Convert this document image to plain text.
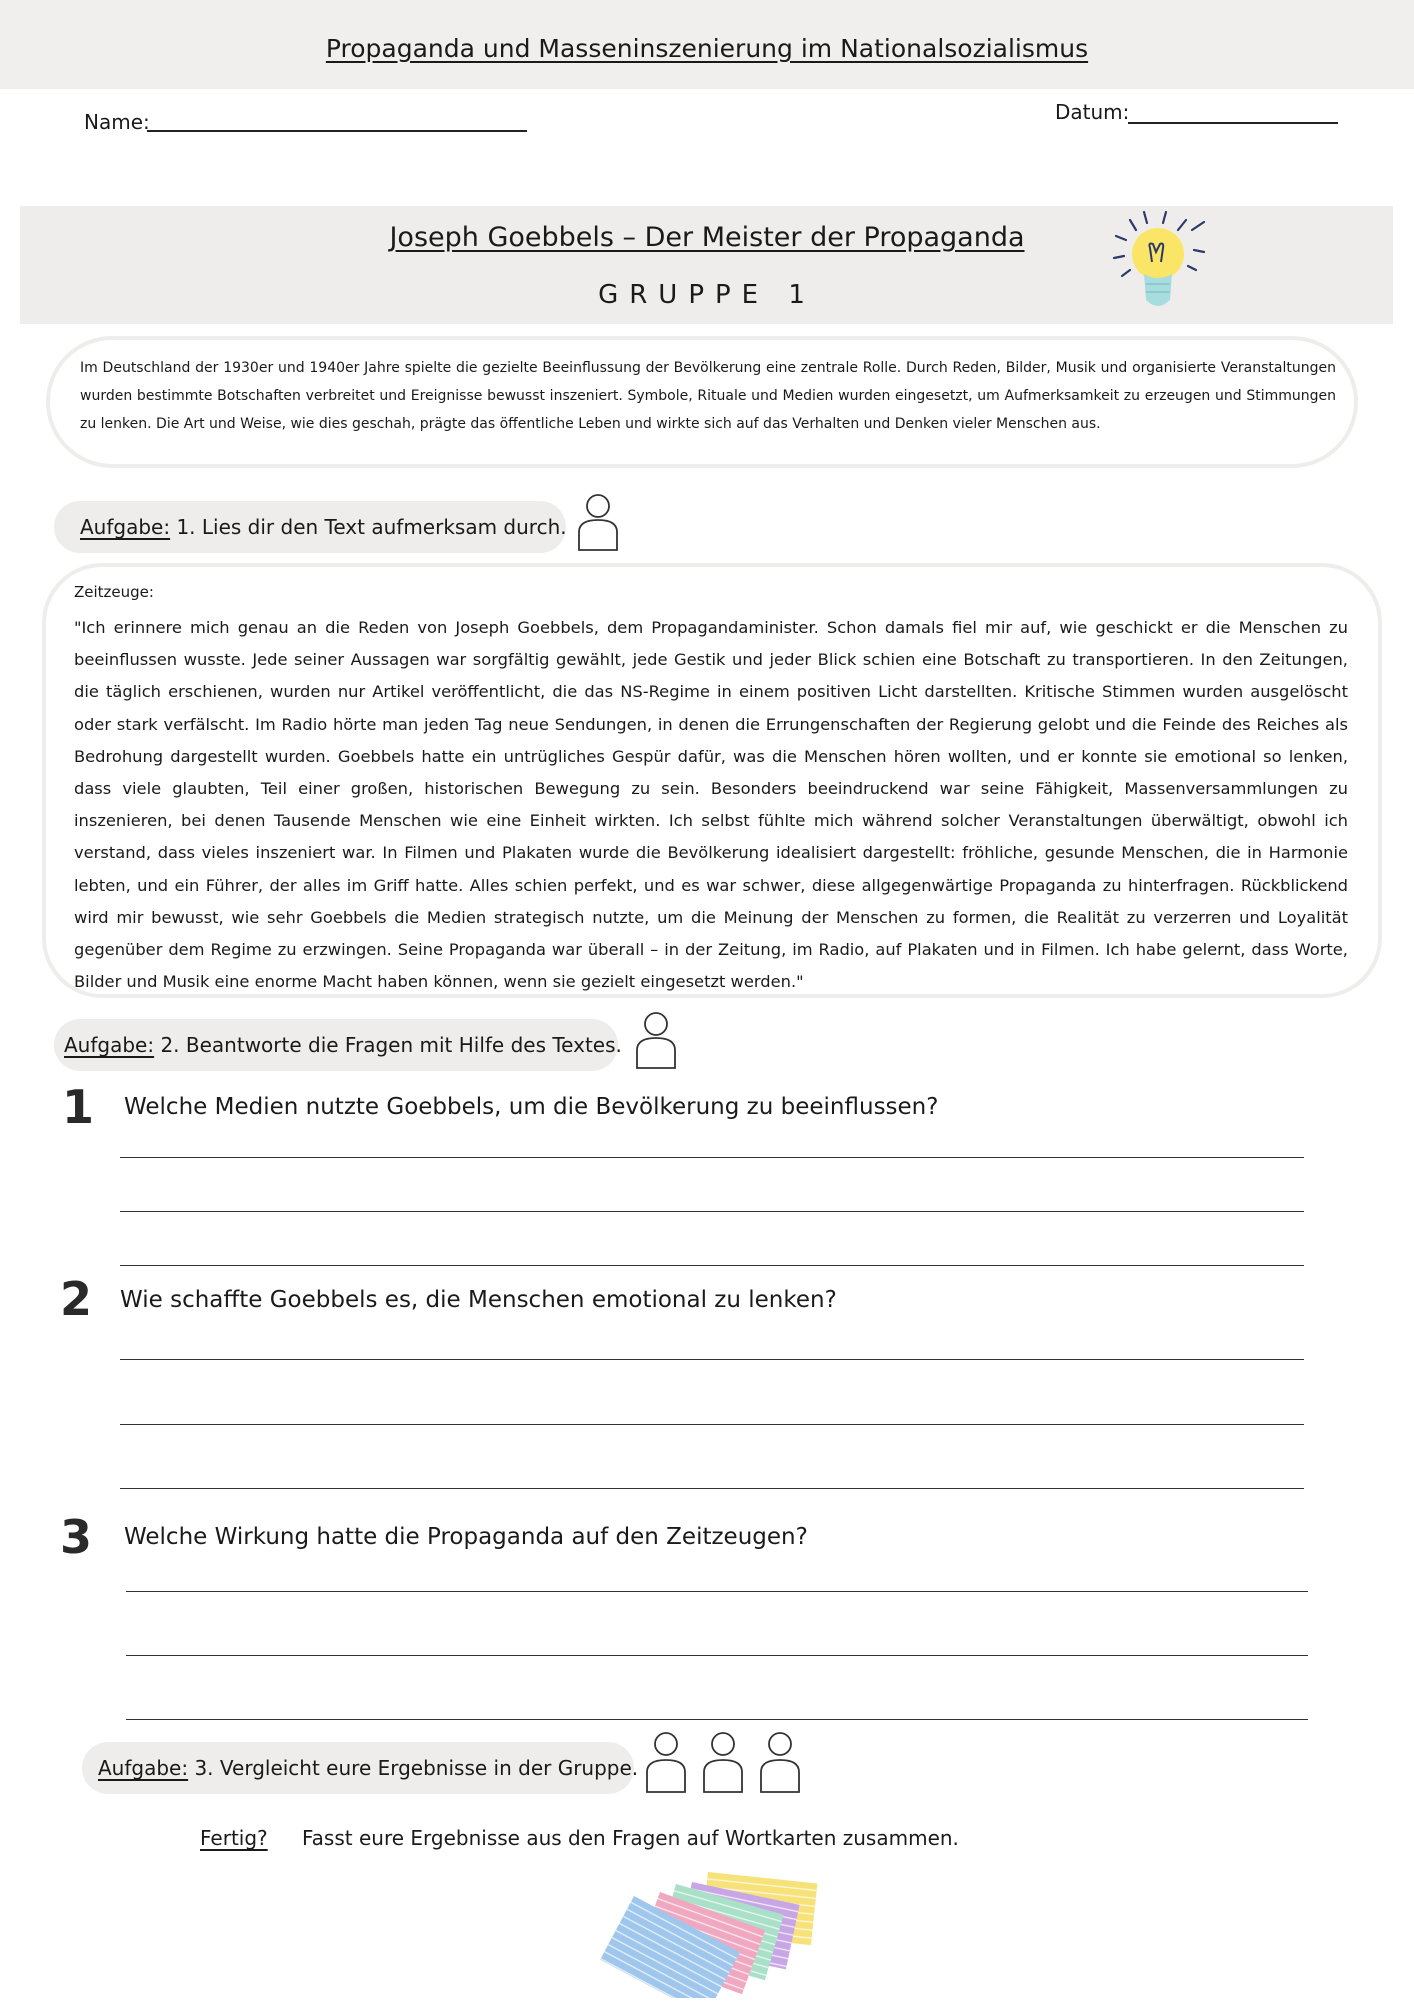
Propaganda und Masseninszenierung im Nationalsozialismus
Name:	Datum:
Joseph Goebbels – Der Meister der Propaganda
GRUPPE 1
Im Deutschland der 1930er und 1940er Jahre spielte die gezielte Beeinflussung der Bevölkerung eine zentrale Rolle. Durch Reden, Bilder, Musik und organisierte Veranstaltungen wurden bestimmte Botschaften verbreitet und Ereignisse bewusst inszeniert. Symbole, Rituale und Medien wurden eingesetzt, um Aufmerksamkeit zu erzeugen und Stimmungen zu lenken. Die Art und Weise, wie dies geschah, prägte das öffentliche Leben und wirkte sich auf das Verhalten und Denken vieler Menschen aus.
Aufgabe: 1. Lies dir den Text aufmerksam durch.
Zeitzeuge:
"Ich erinnere mich genau an die Reden von Joseph Goebbels, dem Propagandaminister. Schon damals fiel mir auf, wie geschickt er die Menschen zu beeinflussen wusste. Jede seiner Aussagen war sorgfältig gewählt, jede Gestik und jeder Blick schien eine Botschaft zu transportieren. In den Zeitungen, die täglich erschienen, wurden nur Artikel veröffentlicht, die das NS-Regime in einem positiven Licht darstellten. Kritische Stimmen wurden ausgelöscht oder stark verfälscht. Im Radio hörte man jeden Tag neue Sendungen, in denen die Errungenschaften der Regierung gelobt und die Feinde des Reiches als Bedrohung dargestellt wurden. Goebbels hatte ein untrügliches Gespür dafür, was die Menschen hören wollten, und er konnte sie emotional so lenken, dass viele glaubten, Teil einer großen, historischen Bewegung zu sein. Besonders beeindruckend war seine Fähigkeit, Massenversammlungen zu inszenieren, bei denen Tausende Menschen wie eine Einheit wirkten. Ich selbst fühlte mich während solcher Veranstaltungen überwältigt, obwohl ich verstand, dass vieles inszeniert war. In Filmen und Plakaten wurde die Bevölkerung idealisiert dargestellt: fröhliche, gesunde Menschen, die in Harmonie lebten, und ein Führer, der alles im Griff hatte. Alles schien perfekt, und es war schwer, diese allgegenwärtige Propaganda zu hinterfragen. Rückblickend wird mir bewusst, wie sehr Goebbels die Medien strategisch nutzte, um die Meinung der Menschen zu formen, die Realität zu verzerren und Loyalität gegenüber dem Regime zu erzwingen. Seine Propaganda war überall – in der Zeitung, im Radio, auf Plakaten und in Filmen. Ich habe gelernt, dass Worte, Bilder und Musik eine enorme Macht haben können, wenn sie gezielt eingesetzt werden."
Aufgabe: 2. Beantworte die Fragen mit Hilfe des Textes.
1 Welche Medien nutzte Goebbels, um die Bevölkerung zu beeinflussen?
2 Wie schaffte Goebbels es, die Menschen emotional zu lenken?
3 Welche Wirkung hatte die Propaganda auf den Zeitzeugen?
Aufgabe: 3. Vergleicht eure Ergebnisse in der Gruppe.
Fertig? Fasst eure Ergebnisse aus den Fragen auf Wortkarten zusammen.
